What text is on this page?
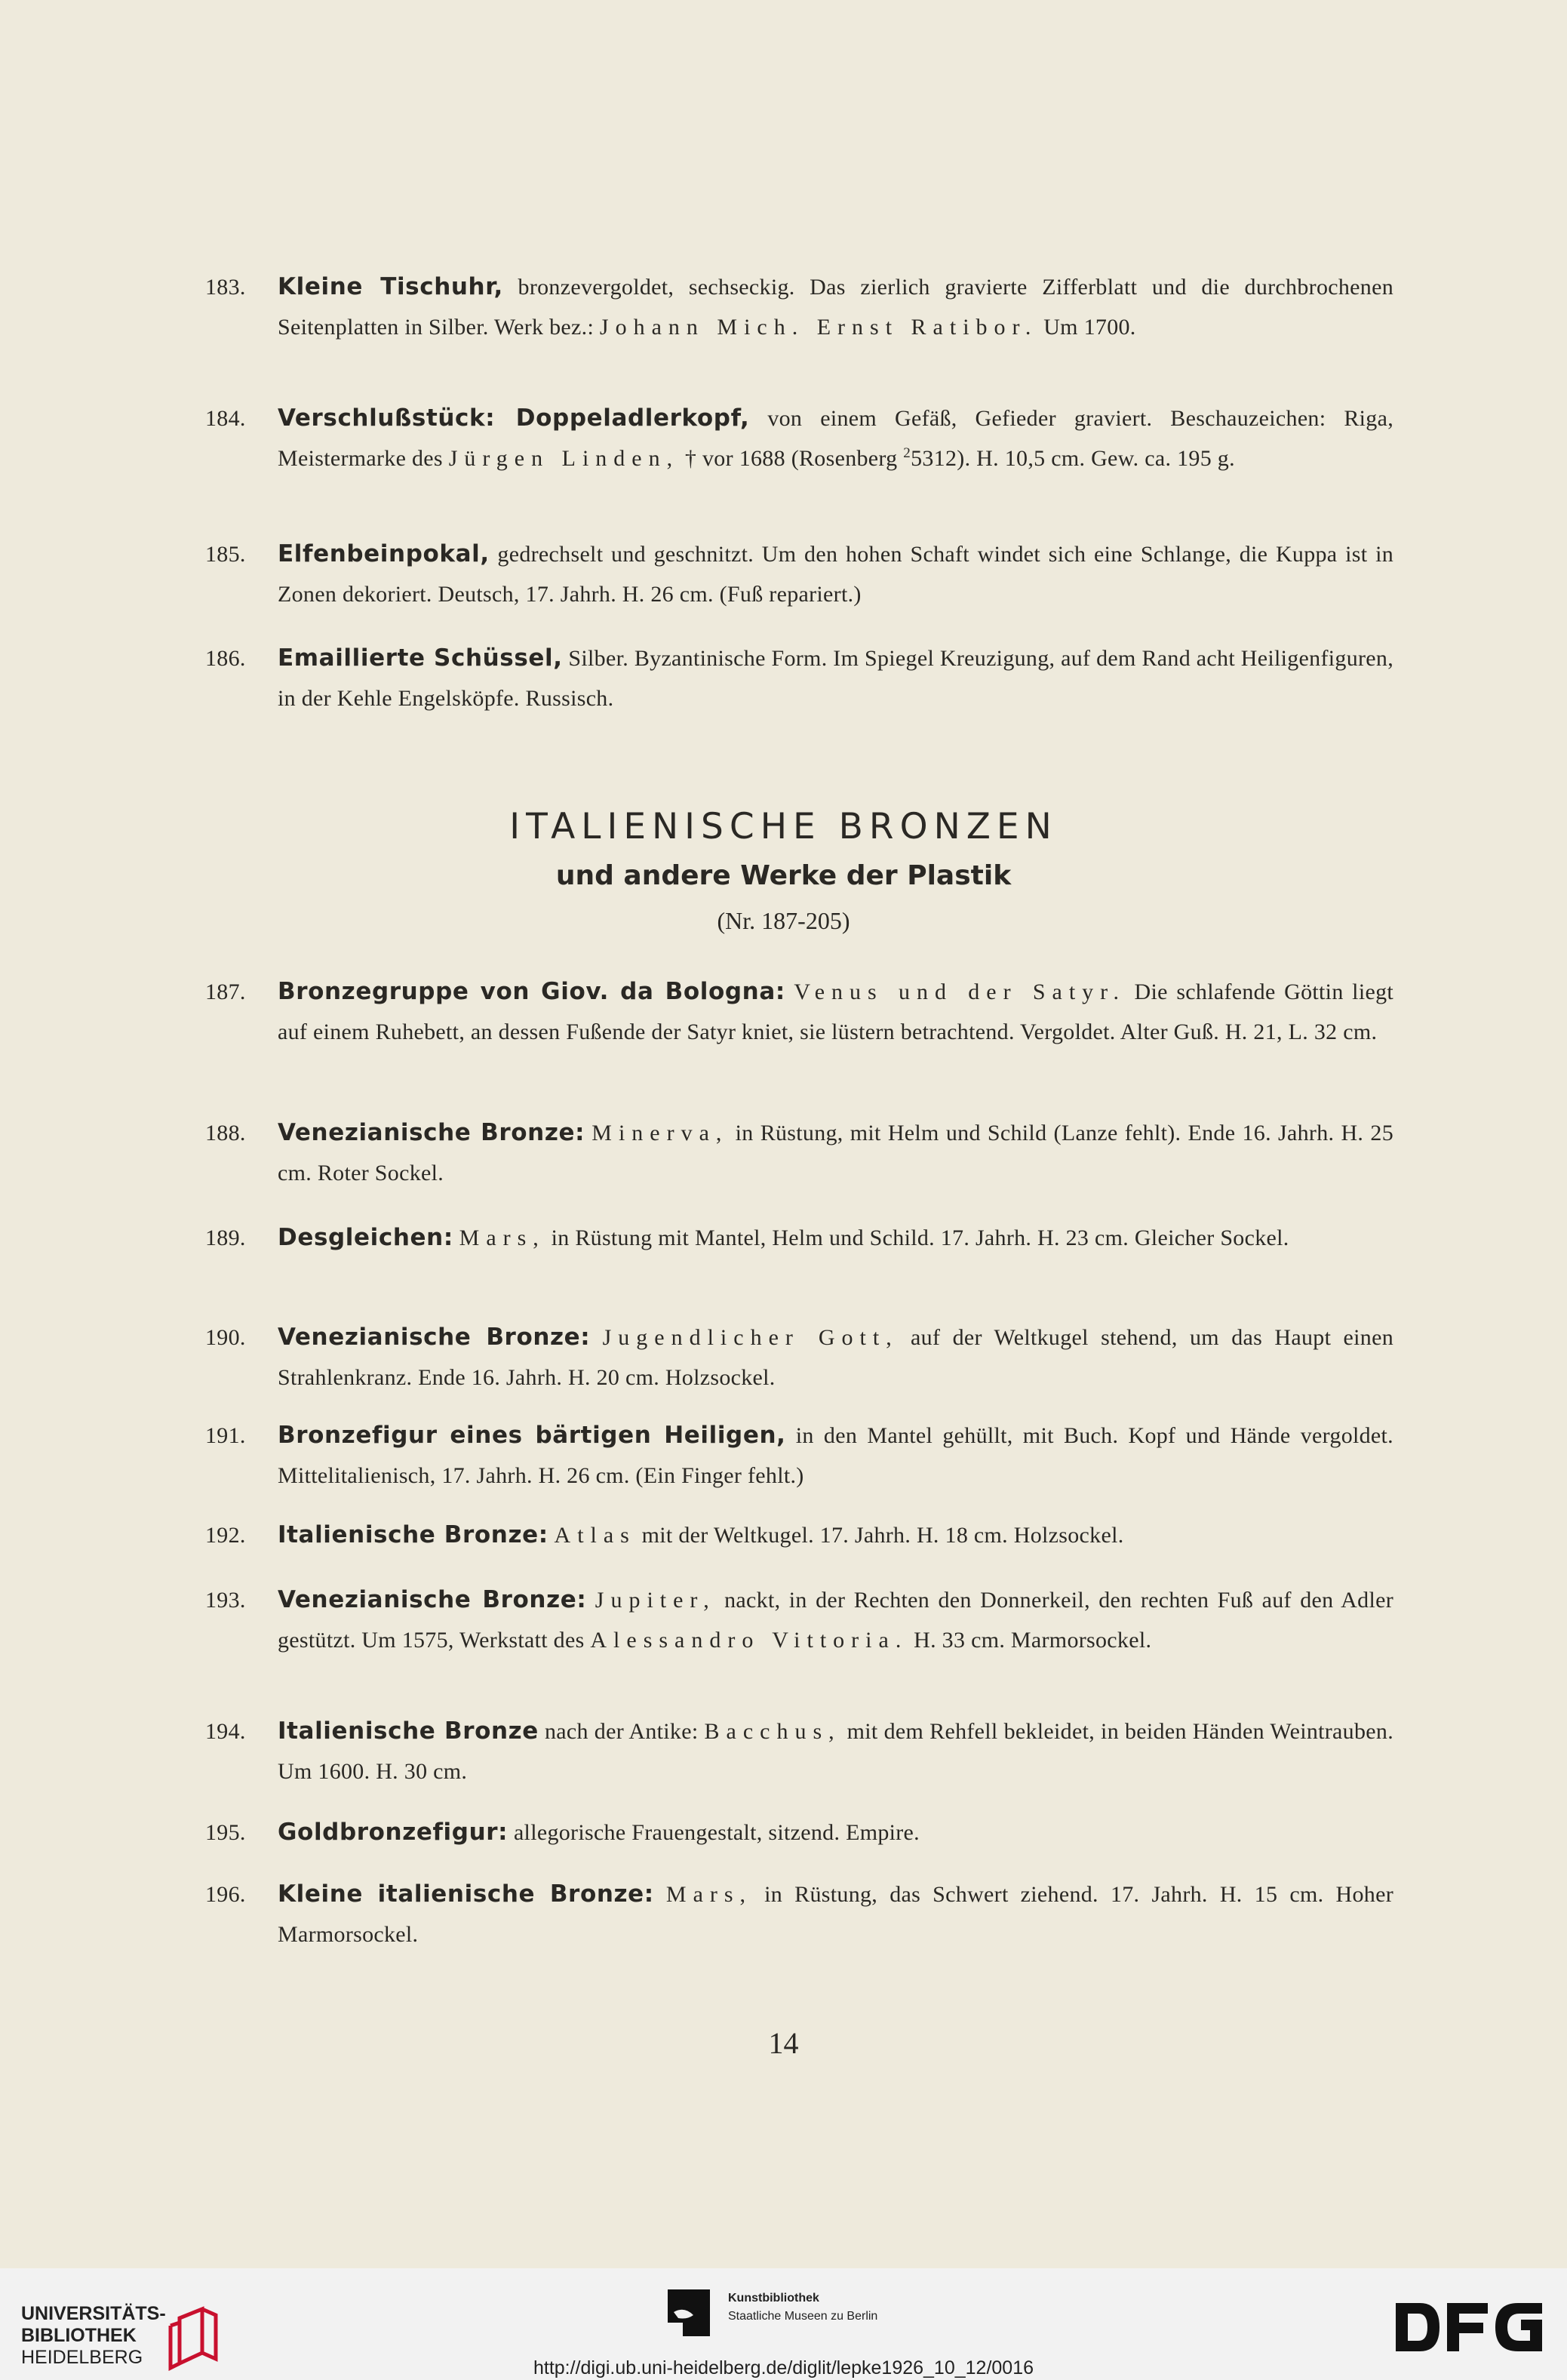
183.	Kleine Tischuhr, bronzevergoldet, sechseckig. Das zierlich gravierte Zifferblatt und die durchbrochenen Seitenplatten in Silber. Werk bez.: Johann Mich. Ernst Ratibor. Um 1700.
184.	Verschlußstück: Doppeladlerkopf, von einem Gefäß, Gefieder graviert. Beschauzeichen: Riga, Meistermarke des Jürgen Linden, † vor 1688 (Rosenberg $^2$5312). H. 10,5 cm. Gew. ca. 195 g.
185.	Elfenbeinpokal, gedrechselt und geschnitzt. Um den hohen Schaft windet sich eine Schlange, die Kuppa ist in Zonen dekoriert. Deutsch, 17. Jahrh. H. 26 cm. (Fuß repariert.)
186.	Emaillierte Schüssel, Silber. Byzantinische Form. Im Spiegel Kreuzigung, auf dem Rand acht Heiligenfiguren, in der Kehle Engelsköpfe. Russisch.
ITALIENISCHE BRONZEN
und andere Werke der Plastik
(Nr. 187-205)
187.	Bronzegruppe von Giov. da Bologna: Venus und der Satyr. Die schlafende Göttin liegt auf einem Ruhebett, an dessen Fußende der Satyr kniet, sie lüstern betrachtend. Vergoldet. Alter Guß. H. 21, L. 32 cm.
188.	Venezianische Bronze: Minerva, in Rüstung, mit Helm und Schild (Lanze fehlt). Ende 16. Jahrh. H. 25 cm. Roter Sockel.
189.	Desgleichen: Mars, in Rüstung mit Mantel, Helm und Schild. 17. Jahrh. H. 23 cm. Gleicher Sockel.
190.	Venezianische Bronze: Jugendlicher Gott, auf der Weltkugel stehend, um das Haupt einen Strahlenkranz. Ende 16. Jahrh. H. 20 cm. Holzsockel.
191.	Bronzefigur eines bärtigen Heiligen, in den Mantel gehüllt, mit Buch. Kopf und Hände vergoldet. Mittelitalienisch, 17. Jahrh. H. 26 cm. (Ein Finger fehlt.)
192.	Italienische Bronze: Atlas mit der Weltkugel. 17. Jahrh. H. 18 cm. Holzsockel.
193.	Venezianische Bronze: Jupiter, nackt, in der Rechten den Donnerkeil, den rechten Fuß auf den Adler gestützt. Um 1575, Werkstatt des Alessandro Vittoria. H. 33 cm. Marmorsockel.
194.	Italienische Bronze nach der Antike: Bacchus, mit dem Rehfell bekleidet, in beiden Händen Weintrauben. Um 1600. H. 30 cm.
195.	Goldbronzefigur: allegorische Frauengestalt, sitzend. Empire.
196.	Kleine italienische Bronze: Mars, in Rüstung, das Schwert ziehend. 17. Jahrh. H. 15 cm. Hoher Marmorsockel.
14
UNIVERSITÄTS-
BIBLIOTHEK
HEIDELBERG
Kunstbibliothek
Staatliche Museen zu Berlin
http://digi.ub.uni-heidelberg.de/diglit/lepke1926_10_12/0016
